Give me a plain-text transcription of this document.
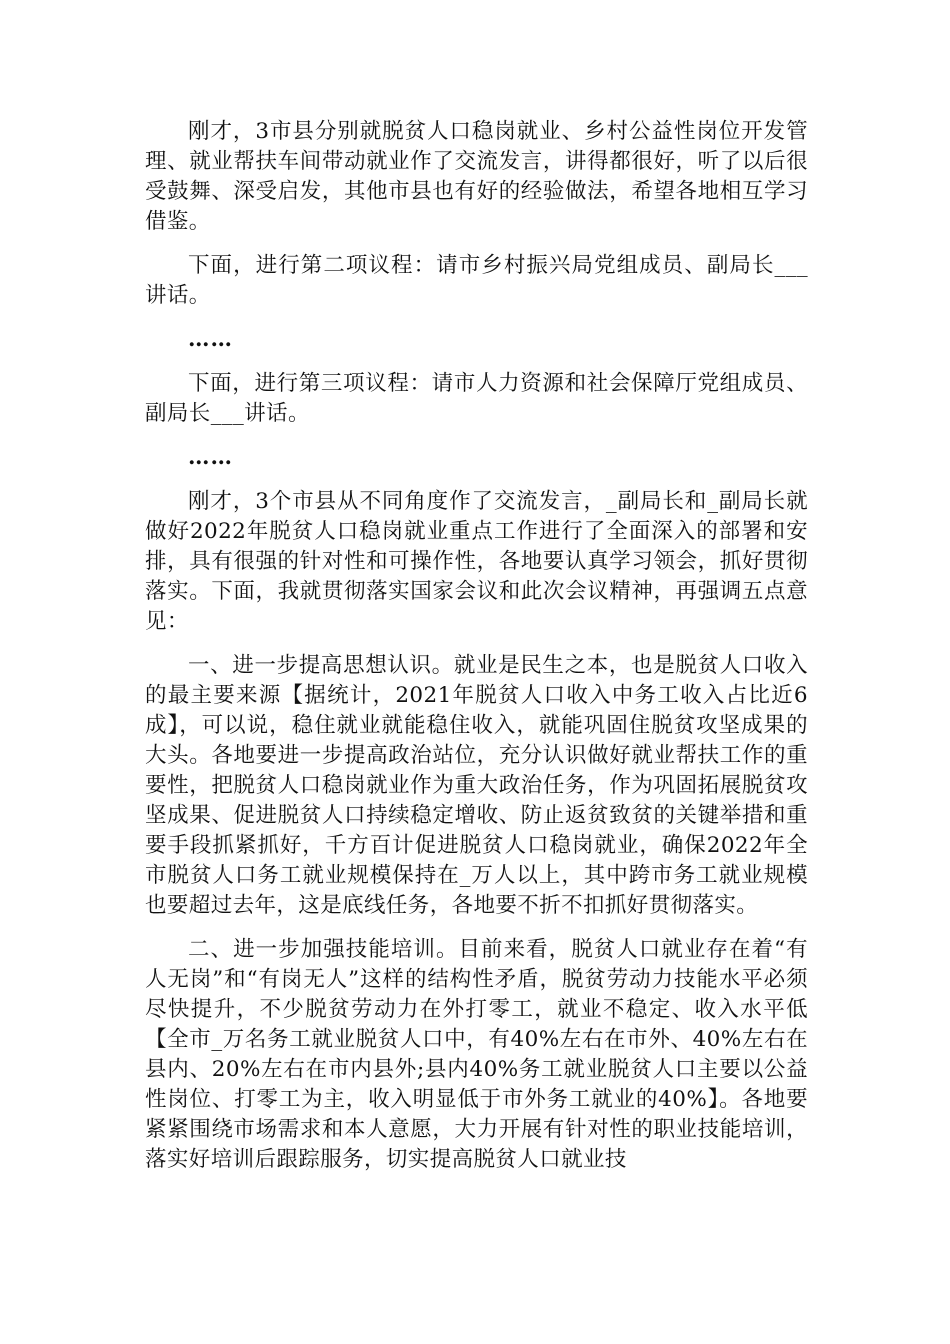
刚才，3市县分别就脱贫人口稳岗就业、乡村公益性岗位开发管理、就业帮扶车间带动就业作了交流发言，讲得都很好，听了以后很受鼓舞、深受启发，其他市县也有好的经验做法，希望各地相互学习借鉴。

下面，进行第二项议程：请市乡村振兴局党组成员、副局长___讲话。

……

下面，进行第三项议程：请市人力资源和社会保障厅党组成员、副局长___讲话。

……

刚才，3个市县从不同角度作了交流发言，_副局长和_副局长就做好2022年脱贫人口稳岗就业重点工作进行了全面深入的部署和安排，具有很强的针对性和可操作性，各地要认真学习领会，抓好贯彻落实。下面，我就贯彻落实国家会议和此次会议精神，再强调五点意见：

一、进一步提高思想认识。就业是民生之本，也是脱贫人口收入的最主要来源【据统计，2021年脱贫人口收入中务工收入占比近6成】，可以说，稳住就业就能稳住收入，就能巩固住脱贫攻坚成果的大头。各地要进一步提高政治站位，充分认识做好就业帮扶工作的重要性，把脱贫人口稳岗就业作为重大政治任务，作为巩固拓展脱贫攻坚成果、促进脱贫人口持续稳定增收、防止返贫致贫的关键举措和重要手段抓紧抓好，千方百计促进脱贫人口稳岗就业，确保2022年全市脱贫人口务工就业规模保持在_万人以上，其中跨市务工就业规模也要超过去年，这是底线任务，各地要不折不扣抓好贯彻落实。

二、进一步加强技能培训。目前来看，脱贫人口就业存在着“有人无岗”和“有岗无人”这样的结构性矛盾，脱贫劳动力技能水平必须尽快提升，不少脱贫劳动力在外打零工，就业不稳定、收入水平低【全市_万名务工就业脱贫人口中，有40%左右在市外、40%左右在县内、20%左右在市内县外;县内40%务工就业脱贫人口主要以公益性岗位、打零工为主，收入明显低于市外务工就业的40%】。各地要紧紧围绕市场需求和本人意愿，大力开展有针对性的职业技能培训，落实好培训后跟踪服务，切实提高脱贫人口就业技
